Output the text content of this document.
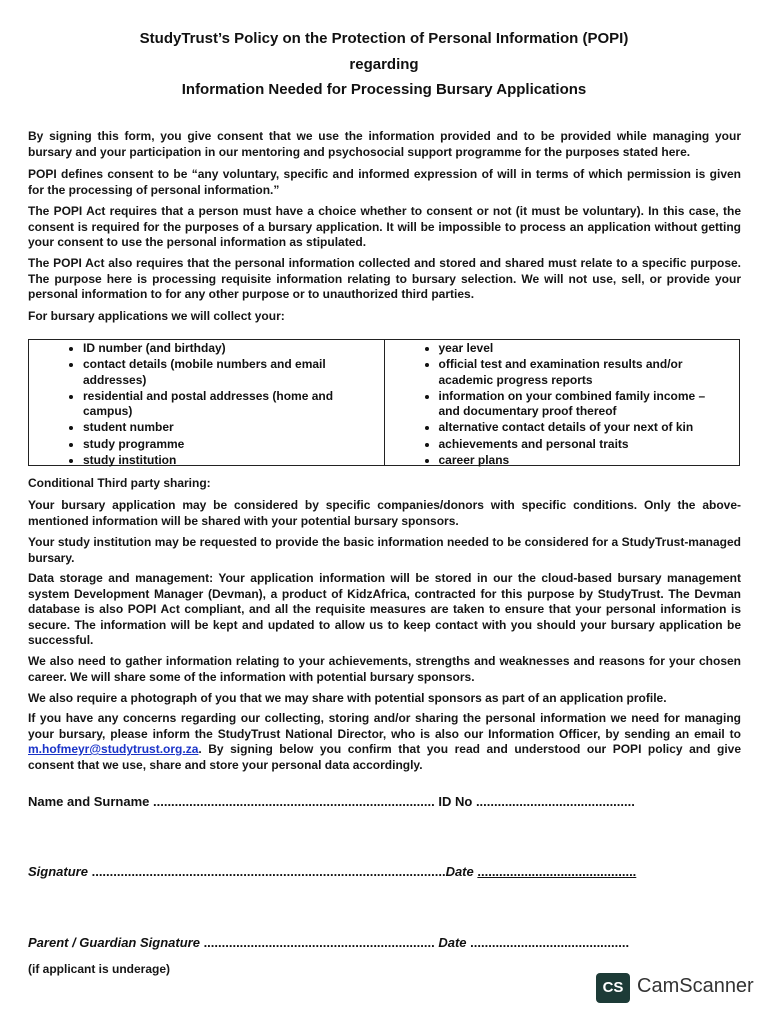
StudyTrust’s Policy on the Protection of Personal Information (POPI)
regarding
Information Needed for Processing Bursary Applications

By signing this form, you give consent that we use the information provided and to be provided while managing your bursary and your participation in our mentoring and psychosocial support programme for the purposes stated here.

POPI defines consent to be “any voluntary, specific and informed expression of will in terms of which permission is given for the processing of personal information.”

The POPI Act requires that a person must have a choice whether to consent or not (it must be voluntary). In this case, the consent is required for the purposes of a bursary application. It will be impossible to process an application without getting your consent to use the personal information as stipulated.

The POPI Act also requires that the personal information collected and stored and shared must relate to a specific purpose. The purpose here is processing requisite information relating to bursary selection. We will not use, sell, or provide your personal information to for any other purpose or to unauthorized third parties.

For bursary applications we will collect your:

• ID number (and birthday)
• contact details (mobile numbers and email addresses)
• residential and postal addresses (home and campus)
• student number
• study programme
• study institution
• year level
• official test and examination results and/or academic progress reports
• information on your combined family income – and documentary proof thereof
• alternative contact details of your next of kin
• achievements and personal traits
• career plans

Conditional Third party sharing:

Your bursary application may be considered by specific companies/donors with specific conditions. Only the above-mentioned information will be shared with your potential bursary sponsors.

Your study institution may be requested to provide the basic information needed to be considered for a StudyTrust-managed bursary.

Data storage and management: Your application information will be stored in our the cloud-based bursary management system Development Manager (Devman), a product of KidzAfrica, contracted for this purpose by StudyTrust. The Devman database is also POPI Act compliant, and all the requisite measures are taken to ensure that your personal information is secure. The information will be kept and updated to allow us to keep contact with you should your bursary application be successful.

We also need to gather information relating to your achievements, strengths and weaknesses and reasons for your chosen career. We will share some of the information with potential bursary sponsors.

We also require a photograph of you that we may share with potential sponsors as part of an application profile.

If you have any concerns regarding our collecting, storing and/or sharing the personal information we need for managing your bursary, please inform the StudyTrust National Director, who is also our Information Officer, by sending an email to m.hofmeyr@studytrust.org.za. By signing below you confirm that you read and understood our POPI policy and give consent that we use, share and store your personal data accordingly.

Name and Surname .............................................................................. ID No ............................................
Signature ..................................................................................................Date ............................................
Parent / Guardian Signature ................................................................ Date ............................................
(if applicant is underage)
CS CamScanner
